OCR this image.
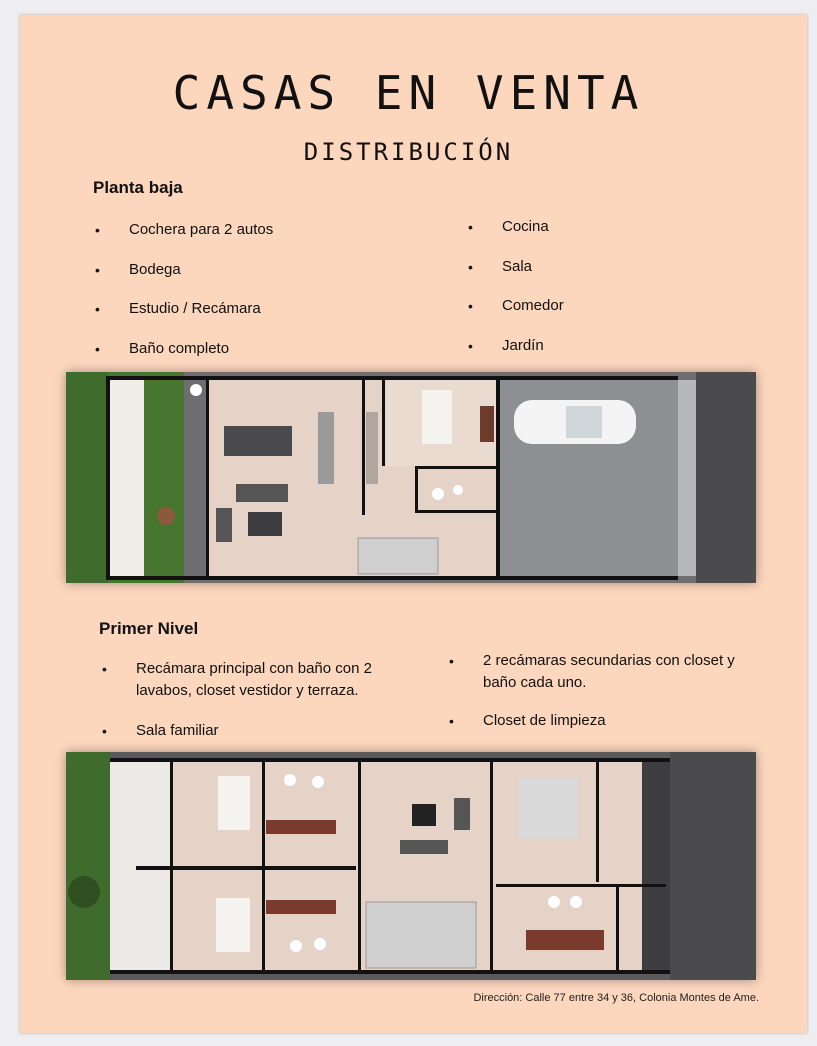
CASAS EN VENTA
DISTRIBUCIÓN
Planta baja
• Cochera para 2 autos
• Bodega
• Estudio / Recámara
• Baño completo
• Cocina
• Sala
• Comedor
• Jardín
Primer Nivel
• Recámara principal con baño con 2 lavabos, closet vestidor y terraza.
• Sala familiar
• 2 recámaras secundarias con closet y baño cada uno.
• Closet de limpieza
Dirección: Calle 77 entre 34 y 36, Colonia Montes de Ame.
